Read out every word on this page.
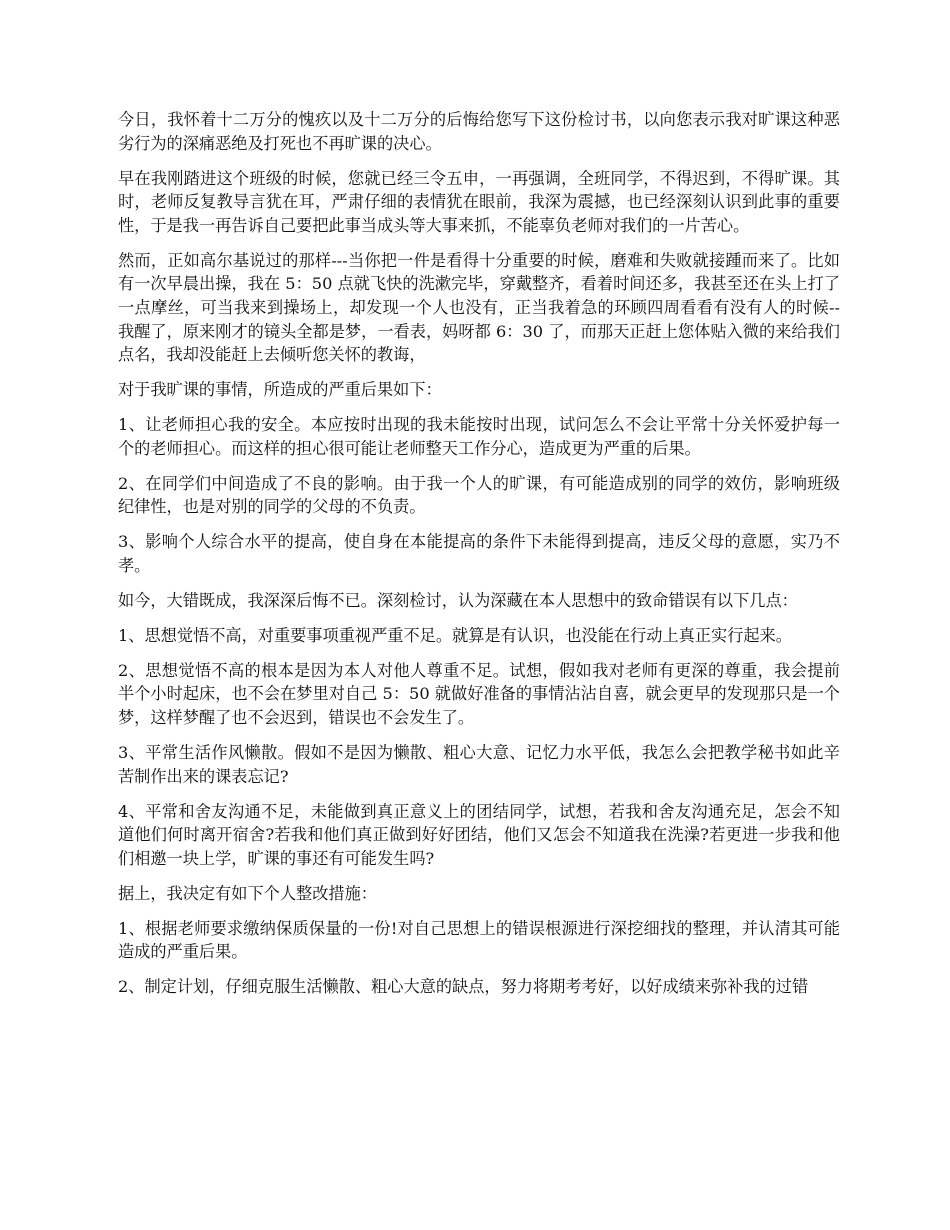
今日，我怀着十二万分的愧疚以及十二万分的后悔给您写下这份检讨书，以向您表示我对旷课这种恶劣行为的深痛恶绝及打死也不再旷课的决心。

早在我刚踏进这个班级的时候，您就已经三令五申，一再强调，全班同学，不得迟到，不得旷课。其时，老师反复教导言犹在耳，严肃仔细的表情犹在眼前，我深为震撼，也已经深刻认识到此事的重要性，于是我一再告诉自己要把此事当成头等大事来抓，不能辜负老师对我们的一片苦心。

然而，正如高尔基说过的那样---当你把一件是看得十分重要的时候，磨难和失败就接踵而来了。比如有一次早晨出操，我在 5：50 点就飞快的洗漱完毕，穿戴整齐，看着时间还多，我甚至还在头上打了一点摩丝，可当我来到操场上，却发现一个人也没有，正当我着急的环顾四周看看有没有人的时候--我醒了，原来刚才的镜头全都是梦，一看表，妈呀都 6：30 了，而那天正赶上您体贴入微的来给我们点名，我却没能赶上去倾听您关怀的教诲，

对于我旷课的事情，所造成的严重后果如下：

1、让老师担心我的安全。本应按时出现的我未能按时出现，试问怎么不会让平常十分关怀爱护每一个的老师担心。而这样的担心很可能让老师整天工作分心，造成更为严重的后果。

2、在同学们中间造成了不良的影响。由于我一个人的旷课，有可能造成别的同学的效仿，影响班级纪律性，也是对别的同学的父母的不负责。

3、影响个人综合水平的提高，使自身在本能提高的条件下未能得到提高，违反父母的意愿，实乃不孝。

如今，大错既成，我深深后悔不已。深刻检讨，认为深藏在本人思想中的致命错误有以下几点：

1、思想觉悟不高，对重要事项重视严重不足。就算是有认识，也没能在行动上真正实行起来。

2、思想觉悟不高的根本是因为本人对他人尊重不足。试想，假如我对老师有更深的尊重，我会提前半个小时起床，也不会在梦里对自己 5：50 就做好准备的事情沾沾自喜，就会更早的发现那只是一个梦，这样梦醒了也不会迟到，错误也不会发生了。

3、平常生活作风懒散。假如不是因为懒散、粗心大意、记忆力水平低，我怎么会把教学秘书如此辛苦制作出来的课表忘记?

4、平常和舍友沟通不足，未能做到真正意义上的团结同学，试想，若我和舍友沟通充足，怎会不知道他们何时离开宿舍?若我和他们真正做到好好团结，他们又怎会不知道我在洗澡?若更进一步我和他们相邀一块上学，旷课的事还有可能发生吗?

据上，我决定有如下个人整改措施：

1、根据老师要求缴纳保质保量的一份!对自己思想上的错误根源进行深挖细找的整理，并认清其可能造成的严重后果。

2、制定计划，仔细克服生活懒散、粗心大意的缺点，努力将期考考好，以好成绩来弥补我的过错
